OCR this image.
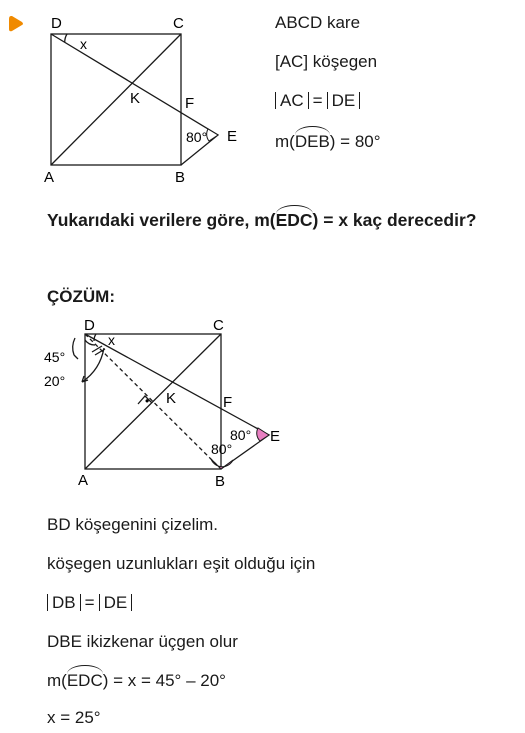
D	C
A	B
E
F
K
x
80°
ABCD kare
[AC] köşegen
AC = DE
m(DEB) = 80°
Yukarıdaki verilere göre, m(EDC) = x kaç derecedir?
ÇÖZÜM:
•
D	C
A	B
E
F
K
x
45°
20°
80°
80°
BD köşegenini çizelim.
köşegen uzunlukları eşit olduğu için
DB = DE
DBE ikizkenar üçgen olur
m(EDC) = x = 45° – 20°
x = 25°
